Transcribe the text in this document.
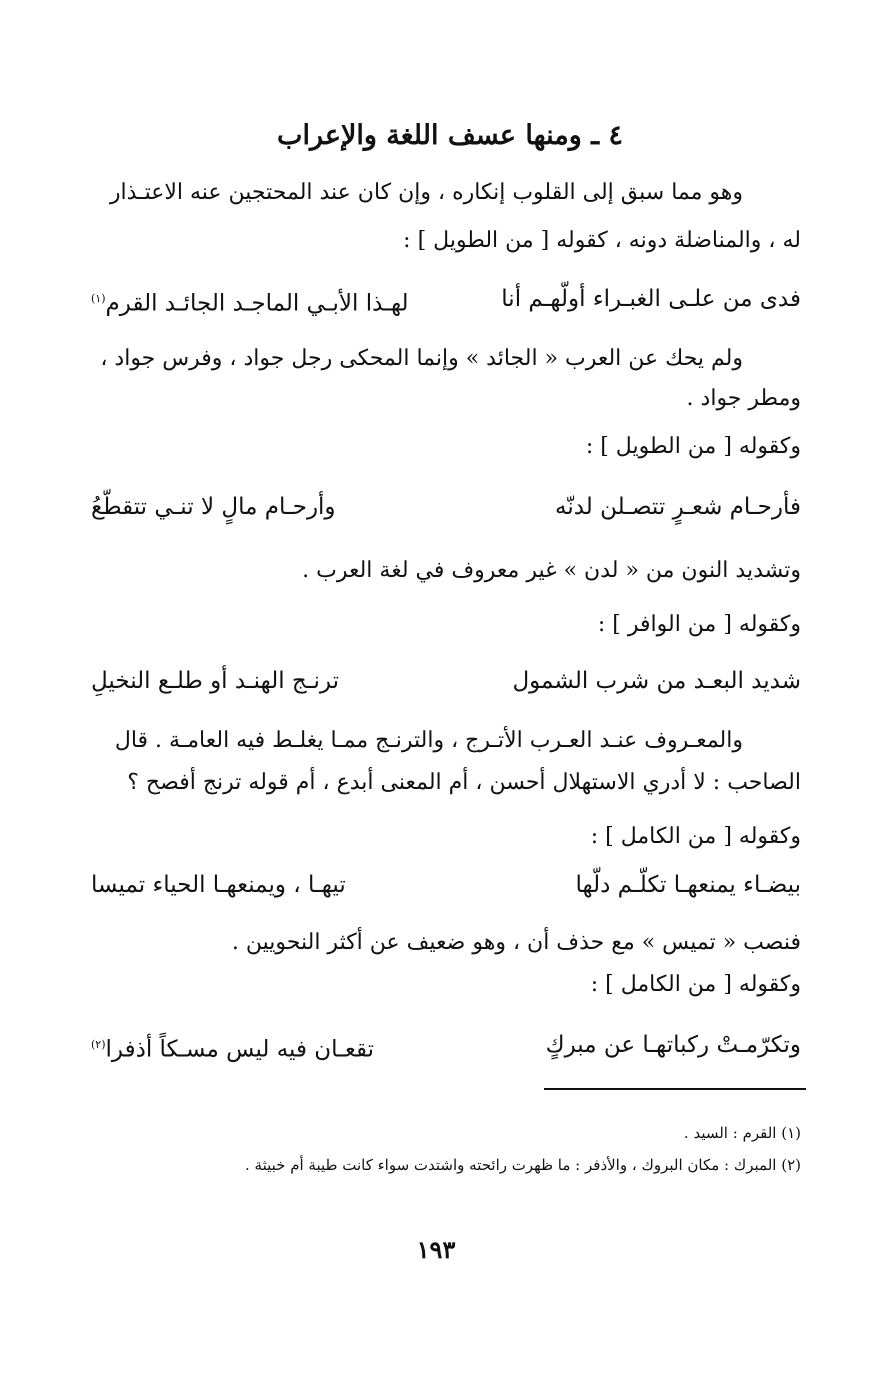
٤ ـ ومنها عسف اللغة والإعراب
وهو مما سبق إلى القلوب إنكاره ، وإن كان عند المحتجين عنه الاعتـذار
له ، والمناضلة دونه ، كقوله [ من الطويل ] :
فدى من علـى الغبـراء أولّهـم أنا
لهـذا الأبـي الماجـد الجائـد القرم$^{(١)}$
ولم يحك عن العرب « الجائد » وإنما المحكى رجل جواد ، وفرس جواد ،
ومطر جواد .
وكقوله [ من الطويل ] :
فأرحـام شعـرٍ تتصـلن لدنّه
وأرحـام مالٍ لا تنـي تتقطّعُ
وتشديد النون من « لدن » غير معروف في لغة العرب .
وكقوله [ من الوافر ] :
شديد البعـد من شرب الشمول
ترنـج الهنـد أو طلـع النخيلِ
والمعـروف عنـد العـرب الأتـرج ، والترنـج ممـا يغلـط فيه العامـة . قال
الصاحب : لا أدري الاستهلال أحسن ، أم المعنى أبدع ، أم قوله ترنج أفصح ؟
وكقوله [ من الكامل ] :
بيضـاء يمنعهـا تكلّـم دلّها
تيهـا ، ويمنعهـا الحياء تميسا
فنصب « تميس » مع حذف أن ، وهو ضعيف عن أكثر النحويين .
وكقوله [ من الكامل ] :
وتكرّمـتْ ركباتهـا عن مبركٍ
تقعـان فيه ليس مسـكاً أذفرا$^{(٢)}$
(١) القرم : السيد .
(٢) المبرك : مكان البروك ، والأذفر : ما ظهرت رائحته واشتدت سواء كانت طيبة أم خبيثة .
١٩٣
